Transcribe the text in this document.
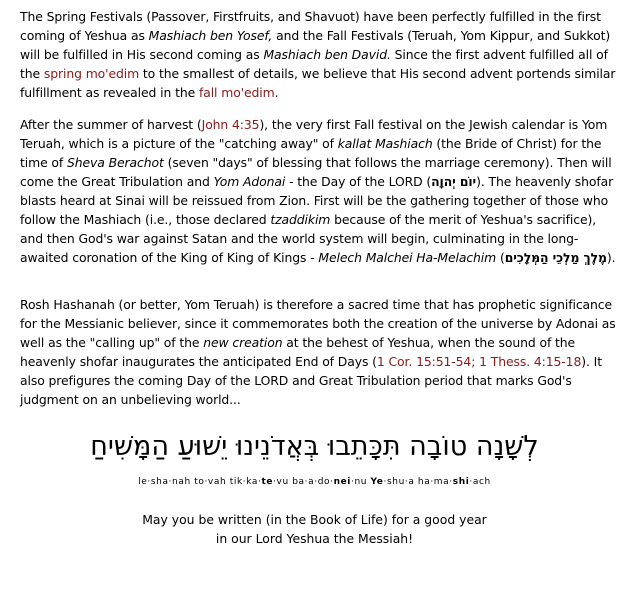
The Spring Festivals (Passover, Firstfruits, and Shavuot) have been perfectly fulfilled in the first coming of Yeshua as Mashiach ben Yosef, and the Fall Festivals (Teruah, Yom Kippur, and Sukkot) will be fulfilled in His second coming as Mashiach ben David. Since the first advent fulfilled all of the spring mo'edim to the smallest of details, we believe that His second advent portends similar fulfillment as revealed in the fall mo'edim.

After the summer of harvest (John 4:35), the very first Fall festival on the Jewish calendar is Yom Teruah, which is a picture of the "catching away" of kallat Mashiach (the Bride of Christ) for the time of Sheva Berachot (seven "days" of blessing that follows the marriage ceremony). Then will come the Great Tribulation and Yom Adonai - the Day of the LORD (יוֹם יְהוָה). The heavenly shofar blasts heard at Sinai will be reissued from Zion. First will be the gathering together of those who follow the Mashiach (i.e., those declared tzaddikim because of the merit of Yeshua's sacrifice), and then God's war against Satan and the world system will begin, culminating in the long-awaited coronation of the King of King of Kings - Melech Malchei Ha-Melachim (מֶלֶךְ מַלְכֵי הַמְּלָכִים).

Rosh Hashanah (or better, Yom Teruah) is therefore a sacred time that has prophetic significance for the Messianic believer, since it commemorates both the creation of the universe by Adonai as well as the "calling up" of the new creation at the behest of Yeshua, when the sound of the heavenly shofar inaugurates the anticipated End of Days (1 Cor. 15:51-54; 1 Thess. 4:15-18). It also prefigures the coming Day of the LORD and Great Tribulation period that marks God's judgment on an unbelieving world...

לְשָׁנָה טוֹבָה תִּכָּתֵבוּ בְּאֲדֹנֵינוּ יֵשׁוּעַ הַמָּשִׁיחַ
le·sha·nah to·vah tik·ka·te·vu ba·a·do·nei·nu Ye·shu·a ha·ma·shi·ach
May you be written (in the Book of Life) for a good year
in our Lord Yeshua the Messiah!
